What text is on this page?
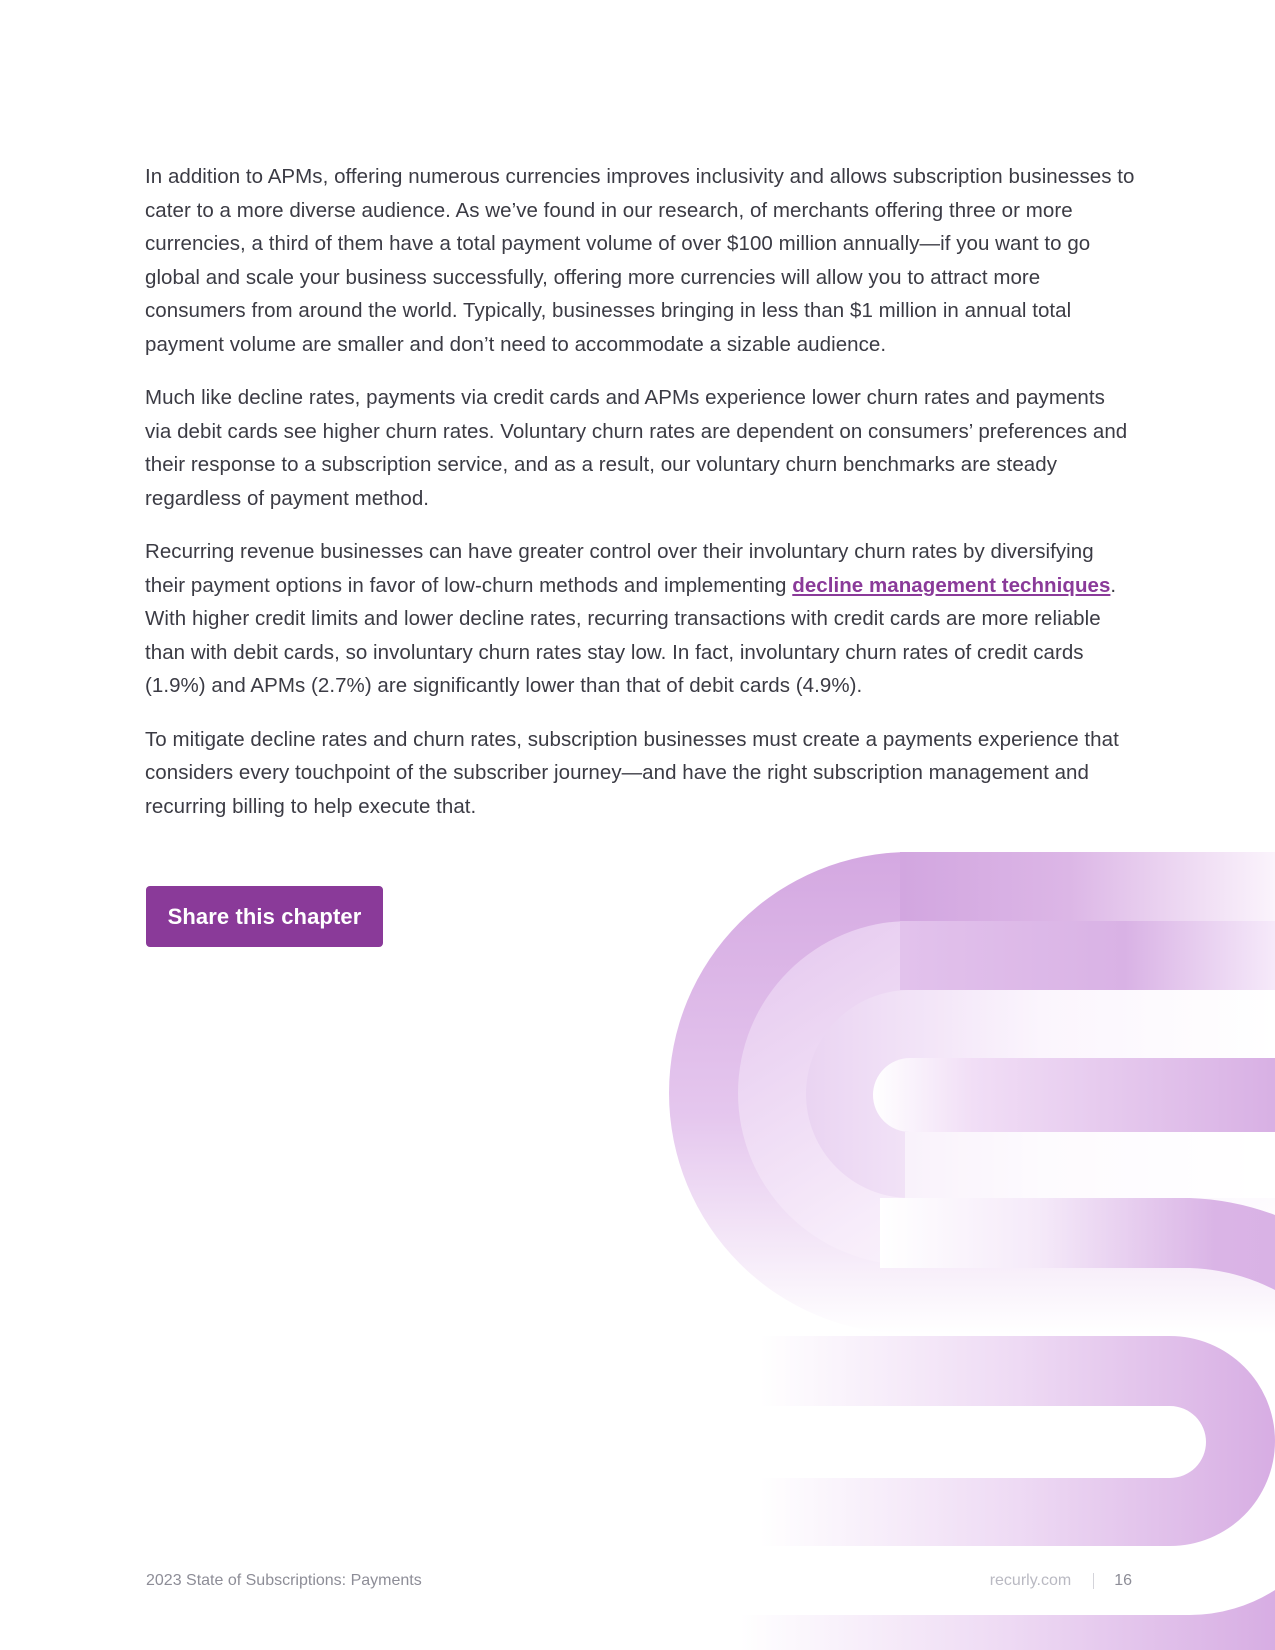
In addition to APMs, offering numerous currencies improves inclusivity and allows subscription businesses to cater to a more diverse audience. As we’ve found in our research, of merchants offering three or more currencies, a third of them have a total payment volume of over $100 million annually—if you want to go global and scale your business successfully, offering more currencies will allow you to attract more consumers from around the world. Typically, businesses bringing in less than $1 million in annual total payment volume are smaller and don’t need to accommodate a sizable audience.

Much like decline rates, payments via credit cards and APMs experience lower churn rates and payments via debit cards see higher churn rates. Voluntary churn rates are dependent on consumers’ preferences and their response to a subscription service, and as a result, our voluntary churn benchmarks are steady regardless of payment method.

Recurring revenue businesses can have greater control over their involuntary churn rates by diversifying their payment options in favor of low-churn methods and implementing decline management techniques. With higher credit limits and lower decline rates, recurring transactions with credit cards are more reliable than with debit cards, so involuntary churn rates stay low. In fact, involuntary churn rates of credit cards (1.9%) and APMs (2.7%) are significantly lower than that of debit cards (4.9%).

To mitigate decline rates and churn rates, subscription businesses must create a payments experience that considers every touchpoint of the subscriber journey—and have the right subscription management and recurring billing to help execute that.

Share this chapter
2023 State of Subscriptions: Payments	recurly.com	16
